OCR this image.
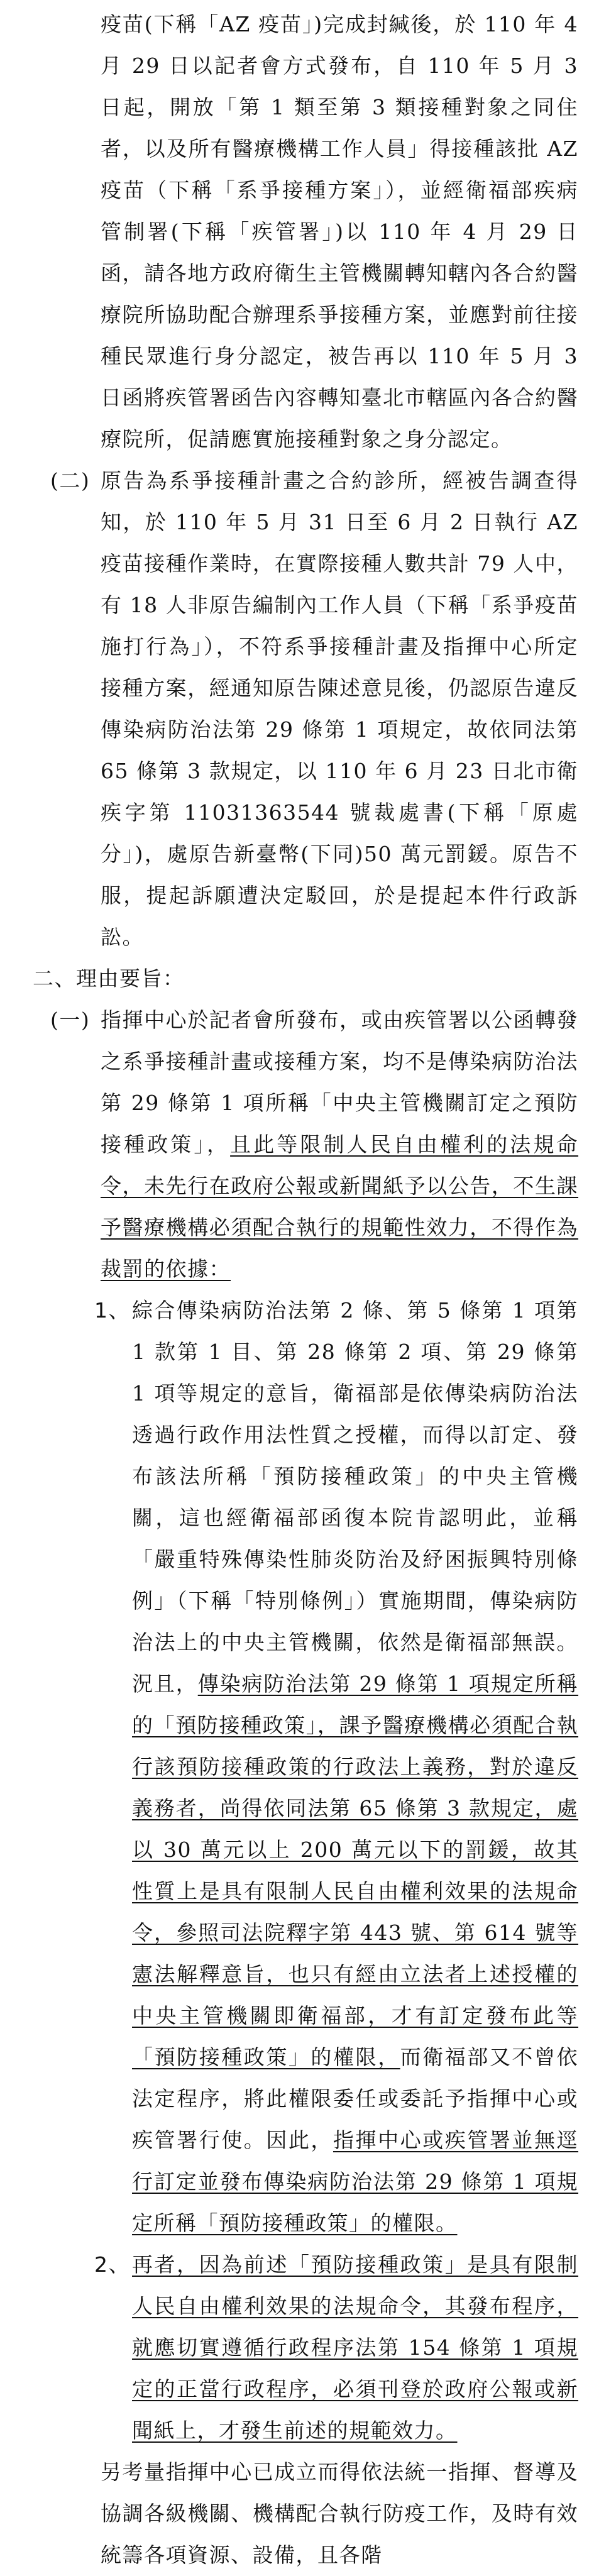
疫苗(下稱「AZ 疫苗」)完成封緘後，於 110 年 4 月 29 日以記者會方式發布，自 110 年 5 月 3 日起，開放「第 1 類至第 3 類接種對象之同住者，以及所有醫療機構工作人員」得接種該批 AZ 疫苗（下稱「系爭接種方案」），並經衛福部疾病管制署(下稱「疾管署」)以 110 年 4 月 29 日函，請各地方政府衛生主管機關轉知轄內各合約醫療院所協助配合辦理系爭接種方案，並應對前往接種民眾進行身分認定，被告再以 110 年 5 月 3 日函將疾管署函告內容轉知臺北市轄區內各合約醫療院所，促請應實施接種對象之身分認定。

(二) 原告為系爭接種計畫之合約診所，經被告調查得知，於 110 年 5 月 31 日至 6 月 2 日執行 AZ 疫苗接種作業時，在實際接種人數共計 79 人中，有 18 人非原告編制內工作人員（下稱「系爭疫苗施打行為」），不符系爭接種計畫及指揮中心所定接種方案，經通知原告陳述意見後，仍認原告違反傳染病防治法第 29 條第 1 項規定，故依同法第 65 條第 3 款規定，以 110 年 6 月 23 日北市衛疾字第 11031363544 號裁處書(下稱「原處分」)，處原告新臺幣(下同)50 萬元罰鍰。原告不服，提起訴願遭決定駁回，於是提起本件行政訴訟。

二、理由要旨：

(一) 指揮中心於記者會所發布，或由疾管署以公函轉發之系爭接種計畫或接種方案，均不是傳染病防治法第 29 條第 1 項所稱「中央主管機關訂定之預防接種政策」，且此等限制人民自由權利的法規命令，未先行在政府公報或新聞紙予以公告，不生課予醫療機構必須配合執行的規範性效力，不得作為裁罰的依據：

1、 綜合傳染病防治法第 2 條、第 5 條第 1 項第 1 款第 1 目、第 28 條第 2 項、第 29 條第 1 項等規定的意旨，衛福部是依傳染病防治法透過行政作用法性質之授權，而得以訂定、發布該法所稱「預防接種政策」的中央主管機關，這也經衛福部函復本院肯認明此，並稱「嚴重特殊傳染性肺炎防治及紓困振興特別條例」（下稱「特別條例」）實施期間，傳染病防治法上的中央主管機關，依然是衛福部無誤。況且，傳染病防治法第 29 條第 1 項規定所稱的「預防接種政策」，課予醫療機構必須配合執行該預防接種政策的行政法上義務，對於違反義務者，尚得依同法第 65 條第 3 款規定，處以 30 萬元以上 200 萬元以下的罰鍰，故其性質上是具有限制人民自由權利效果的法規命令，參照司法院釋字第 443 號、第 614 號等憲法解釋意旨，也只有經由立法者上述授權的中央主管機關即衛福部，才有訂定發布此等「預防接種政策」的權限，而衛福部又不曾依法定程序，將此權限委任或委託予指揮中心或疾管署行使。因此，指揮中心或疾管署並無逕行訂定並發布傳染病防治法第 29 條第 1 項規定所稱「預防接種政策」的權限。

2、 再者，因為前述「預防接種政策」是具有限制人民自由權利效果的法規命令，其發布程序，就應切實遵循行政程序法第 154 條第 1 項規定的正當行政程序，必須刊登於政府公報或新聞紙上，才發生前述的規範效力。

另考量指揮中心已成立而得依法統一指揮、督導及協調各級機關、機構配合執行防疫工作，及時有效統籌各項資源、設備，且各階
